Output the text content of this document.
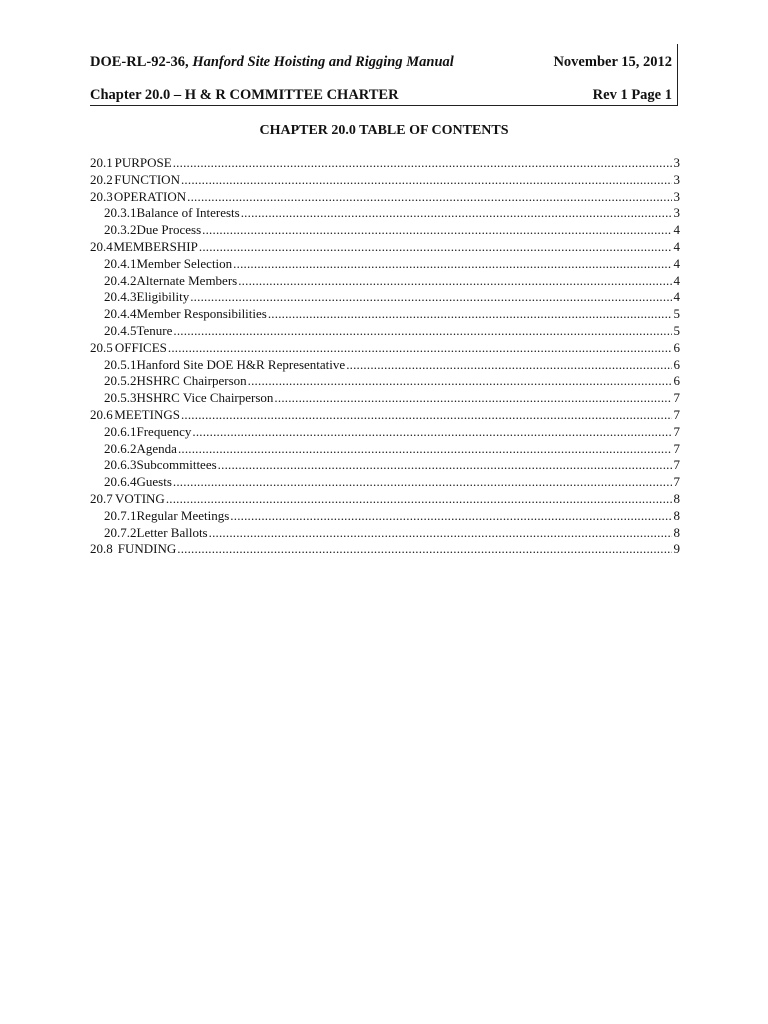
DOE-RL-92-36, Hanford Site Hoisting and Rigging Manual	November 15, 2012
Chapter 20.0 – H & R COMMITTEE CHARTER	Rev 1 Page 1
CHAPTER 20.0 TABLE OF CONTENTS
20.1 PURPOSE .....	3
20.2 FUNCTION .....	3
20.3 OPERATION .....	3
20.3.1 Balance of Interests .....	3
20.3.2 Due Process .....	4
20.4 MEMBERSHIP .....	4
20.4.1 Member Selection .....	4
20.4.2 Alternate Members .....	4
20.4.3 Eligibility .....	4
20.4.4 Member Responsibilities .....	5
20.4.5 Tenure .....	5
20.5 OFFICES .....	6
20.5.1 Hanford Site DOE H&R Representative .....	6
20.5.2 HSHRC Chairperson .....	6
20.5.3 HSHRC Vice Chairperson .....	7
20.6 MEETINGS .....	7
20.6.1 Frequency .....	7
20.6.2 Agenda .....	7
20.6.3 Subcommittees .....	7
20.6.4 Guests .....	7
20.7 VOTING .....	8
20.7.1 Regular Meetings .....	8
20.7.2 Letter Ballots .....	8
20.8 FUNDING .....	9
